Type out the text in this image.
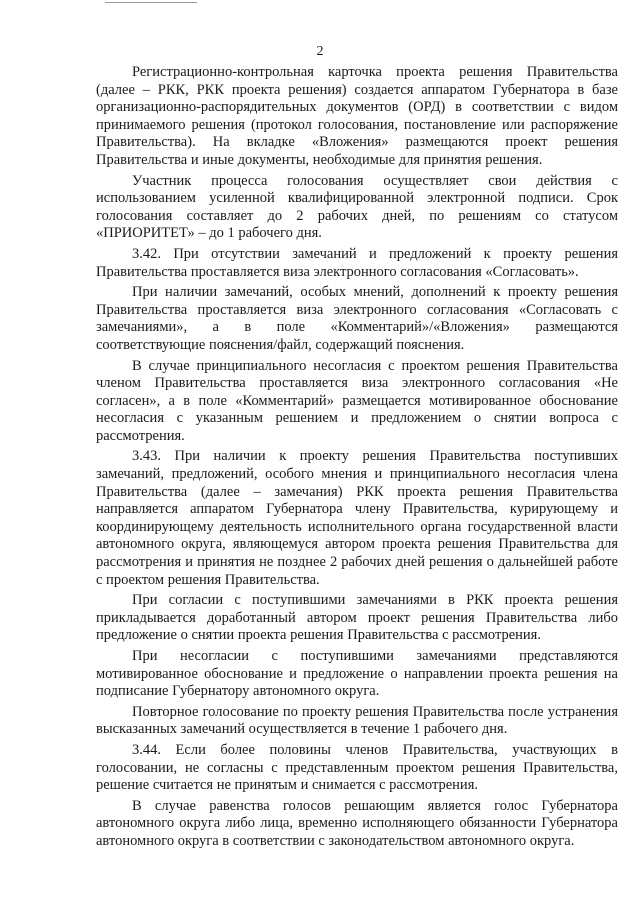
2

Регистрационно-контрольная карточка проекта решения Правительства (далее – РКК, РКК проекта решения) создается аппаратом Губернатора в базе организационно-распорядительных документов (ОРД) в соответствии с видом принимаемого решения (протокол голосования, постановление или распоряжение Правительства). На вкладке «Вложения» размещаются проект решения Правительства и иные документы, необходимые для принятия решения.

Участник процесса голосования осуществляет свои действия с использованием усиленной квалифицированной электронной подписи. Срок голосования составляет до 2 рабочих дней, по решениям со статусом «ПРИОРИТЕТ» – до 1 рабочего дня.

3.42. При отсутствии замечаний и предложений к проекту решения Правительства проставляется виза электронного согласования «Согласовать».

При наличии замечаний, особых мнений, дополнений к проекту решения Правительства проставляется виза электронного согласования «Согласовать с замечаниями», а в поле «Комментарий»/«Вложения» размещаются соответствующие пояснения/файл, содержащий пояснения.

В случае принципиального несогласия с проектом решения Правительства членом Правительства проставляется виза электронного согласования «Не согласен», а в поле «Комментарий» размещается мотивированное обоснование несогласия с указанным решением и предложением о снятии вопроса с рассмотрения.

3.43. При наличии к проекту решения Правительства поступивших замечаний, предложений, особого мнения и принципиального несогласия члена Правительства (далее – замечания) РКК проекта решения Правительства направляется аппаратом Губернатора члену Правительства, курирующему и координирующему деятельность исполнительного органа государственной власти автономного округа, являющемуся автором проекта решения Правительства для рассмотрения и принятия не позднее 2 рабочих дней решения о дальнейшей работе с проектом решения Правительства.

При согласии с поступившими замечаниями в РКК проекта решения прикладывается доработанный автором проект решения Правительства либо предложение о снятии проекта решения Правительства с рассмотрения.

При несогласии с поступившими замечаниями представляются мотивированное обоснование и предложение о направлении проекта решения на подписание Губернатору автономного округа.

Повторное голосование по проекту решения Правительства после устранения высказанных замечаний осуществляется в течение 1 рабочего дня.

3.44. Если более половины членов Правительства, участвующих в голосовании, не согласны с представленным проектом решения Правительства, решение считается не принятым и снимается с рассмотрения.

В случае равенства голосов решающим является голос Губернатора автономного округа либо лица, временно исполняющего обязанности Губернатора автономного округа в соответствии с законодательством автономного округа.
